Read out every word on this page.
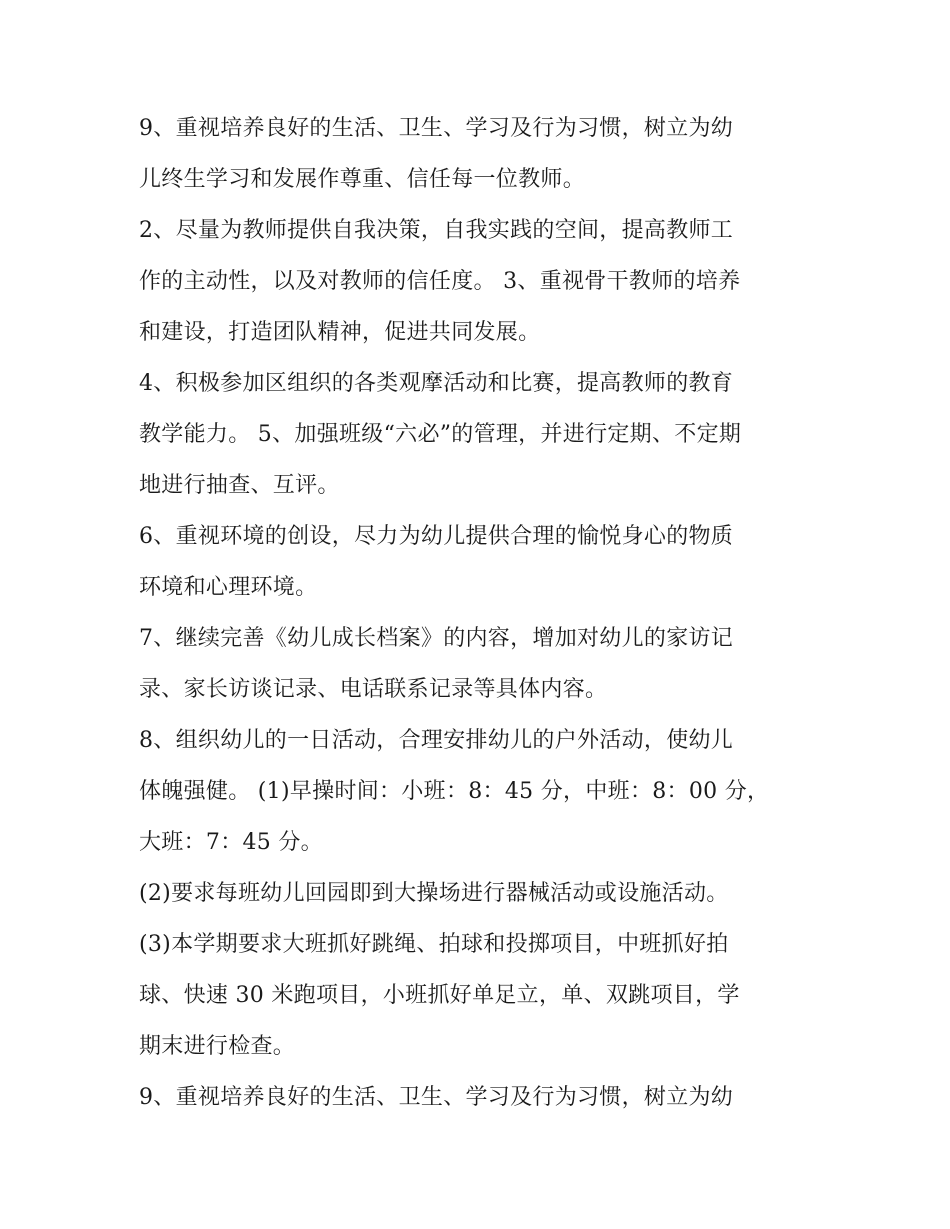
9、重视培养良好的生活、卫生、学习及行为习惯，树立为幼
儿终生学习和发展作尊重、信任每一位教师。
2、尽量为教师提供自我决策，自我实践的空间，提高教师工
作的主动性，以及对教师的信任度。 3、重视骨干教师的培养
和建设，打造团队精神，促进共同发展。
4、积极参加区组织的各类观摩活动和比赛，提高教师的教育
教学能力。 5、加强班级“六必”的管理，并进行定期、不定期
地进行抽查、互评。
6、重视环境的创设，尽力为幼儿提供合理的愉悦身心的物质
环境和心理环境。
7、继续完善《幼儿成长档案》的内容，增加对幼儿的家访记
录、家长访谈记录、电话联系记录等具体内容。
8、组织幼儿的一日活动，合理安排幼儿的户外活动，使幼儿
体魄强健。 (1)早操时间：小班：8：45 分，中班：8：00 分，
大班：7：45 分。
(2)要求每班幼儿回园即到大操场进行器械活动或设施活动。
(3)本学期要求大班抓好跳绳、拍球和投掷项目，中班抓好拍
球、快速 30 米跑项目，小班抓好单足立，单、双跳项目，学
期末进行检查。
9、重视培养良好的生活、卫生、学习及行为习惯，树立为幼
